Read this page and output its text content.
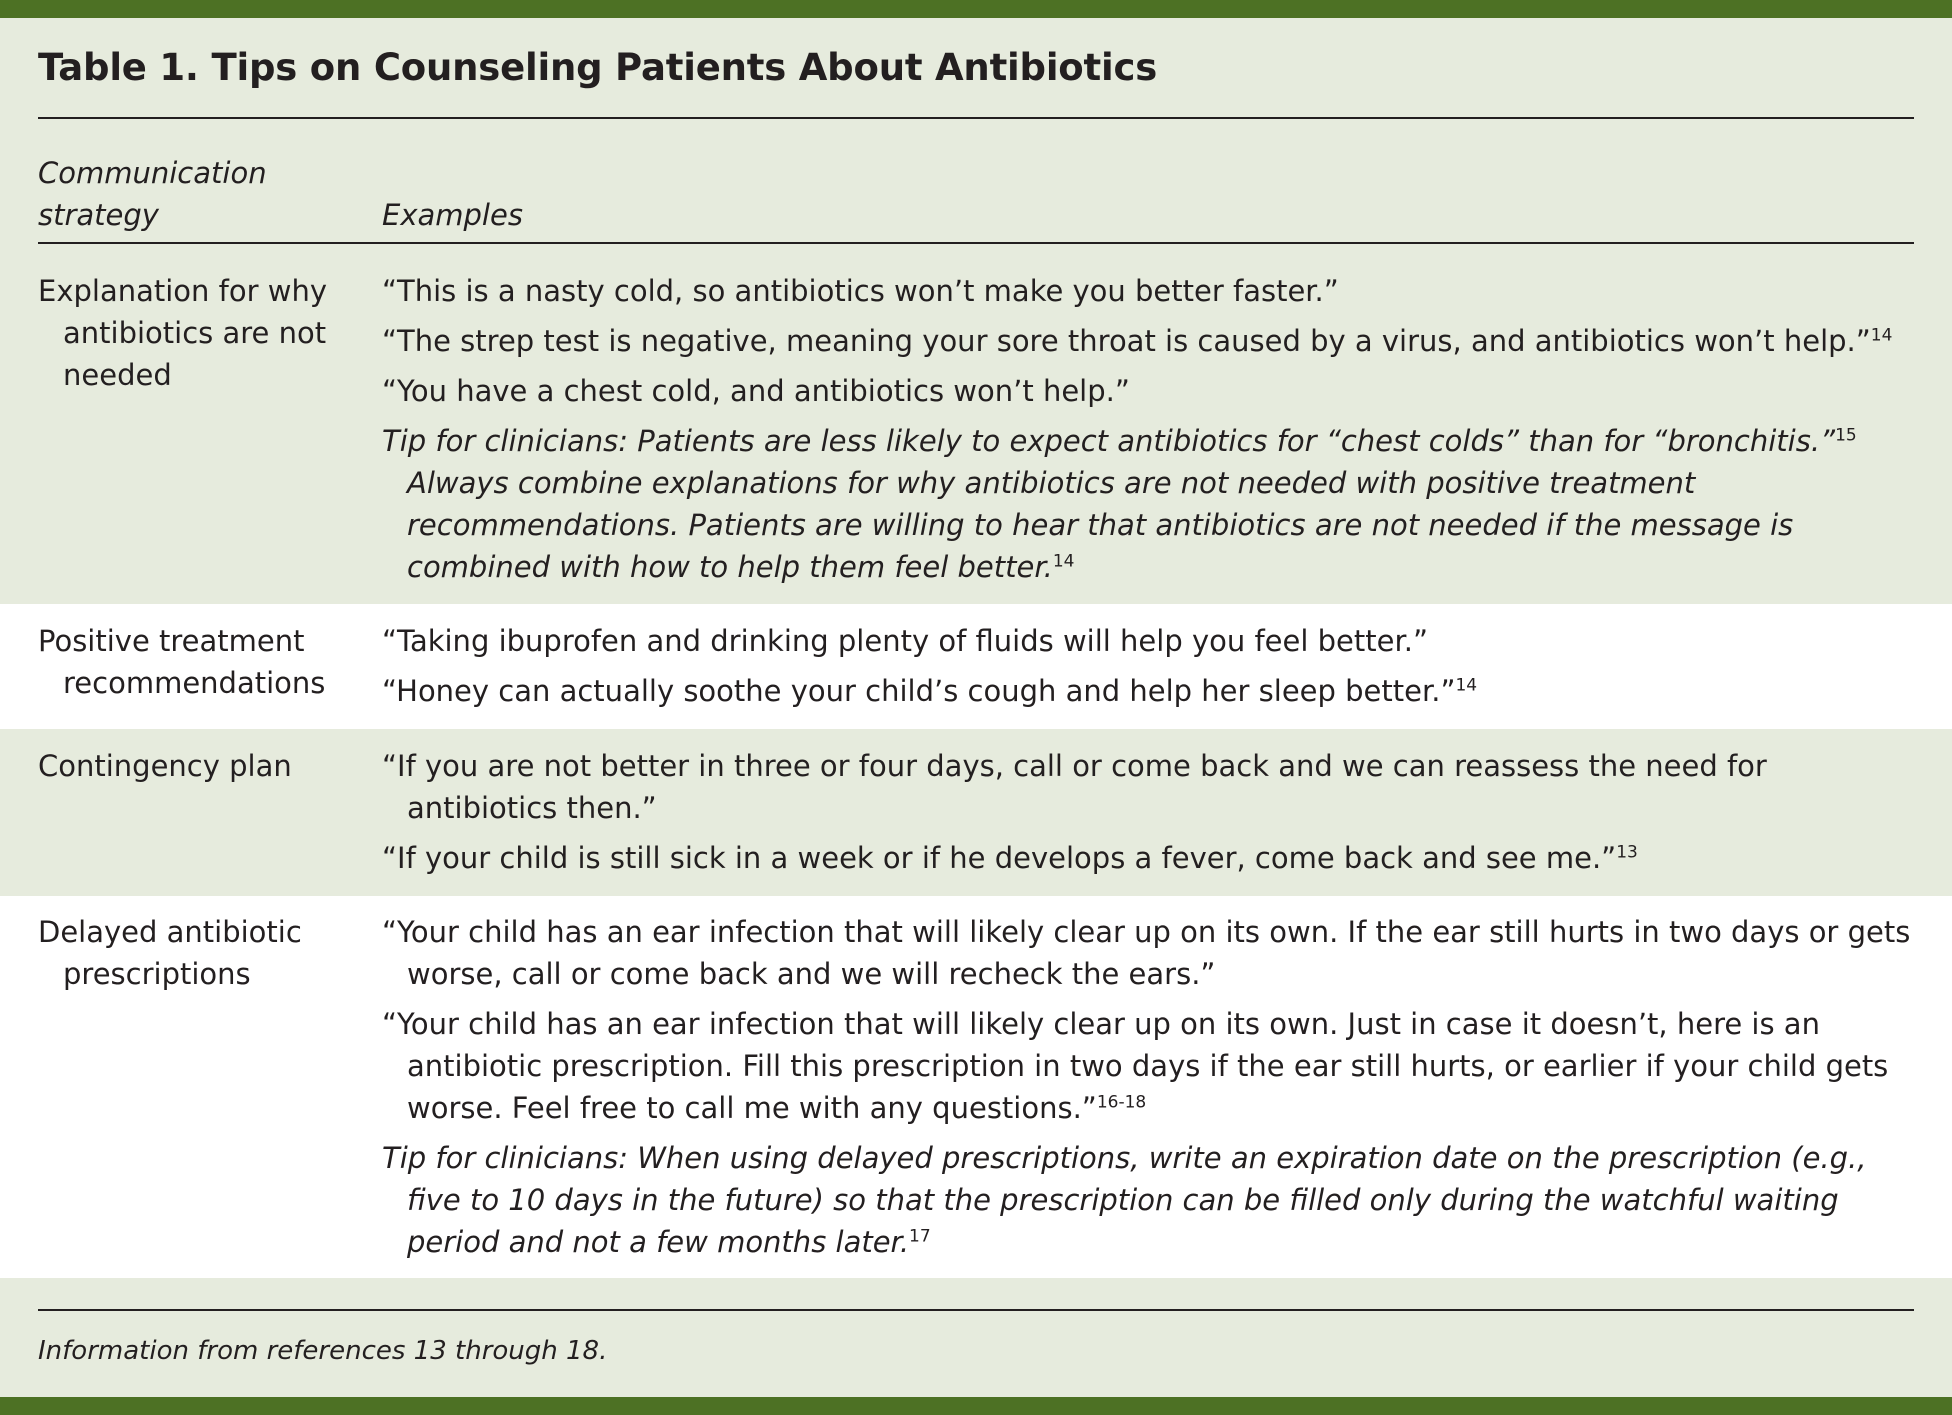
Table 1. Tips on Counseling Patients About Antibiotics
Communication strategy	Examples
Explanation for why antibiotics are not needed

“This is a nasty cold, so antibiotics won’t make you better faster.”

“The strep test is negative, meaning your sore throat is caused by a virus, and antibiotics won’t help.”$^{14}$

“You have a chest cold, and antibiotics won’t help.”

Tip for clinicians: Patients are less likely to expect antibiotics for “chest colds” than for “bronchitis.”$^{15}$

Always combine explanations for why antibiotics are not needed with positive treatment recommendations. Patients are willing to hear that antibiotics are not needed if the message is combined with how to help them feel better.$^{14}$

Positive treatment recommendations

“Taking ibuprofen and drinking plenty of fluids will help you feel better.”

“Honey can actually soothe your child’s cough and help her sleep better.”$^{14}$

Contingency plan	“If you are not better in three or four days, call or come back and we can reassess the need for antibiotics then.”

“If your child is still sick in a week or if he develops a fever, come back and see me.”$^{13}$

Delayed antibiotic prescriptions

“Your child has an ear infection that will likely clear up on its own. If the ear still hurts in two days or gets worse, call or come back and we will recheck the ears.”

“Your child has an ear infection that will likely clear up on its own. Just in case it doesn’t, here is an antibiotic prescription. Fill this prescription in two days if the ear still hurts, or earlier if your child gets worse. Feel free to call me with any questions.”$^{16-18}$

Tip for clinicians: When using delayed prescriptions, write an expiration date on the prescription (e.g., five to 10 days in the future) so that the prescription can be filled only during the watchful waiting period and not a few months later.$^{17}$

Information from references 13 through 18.
